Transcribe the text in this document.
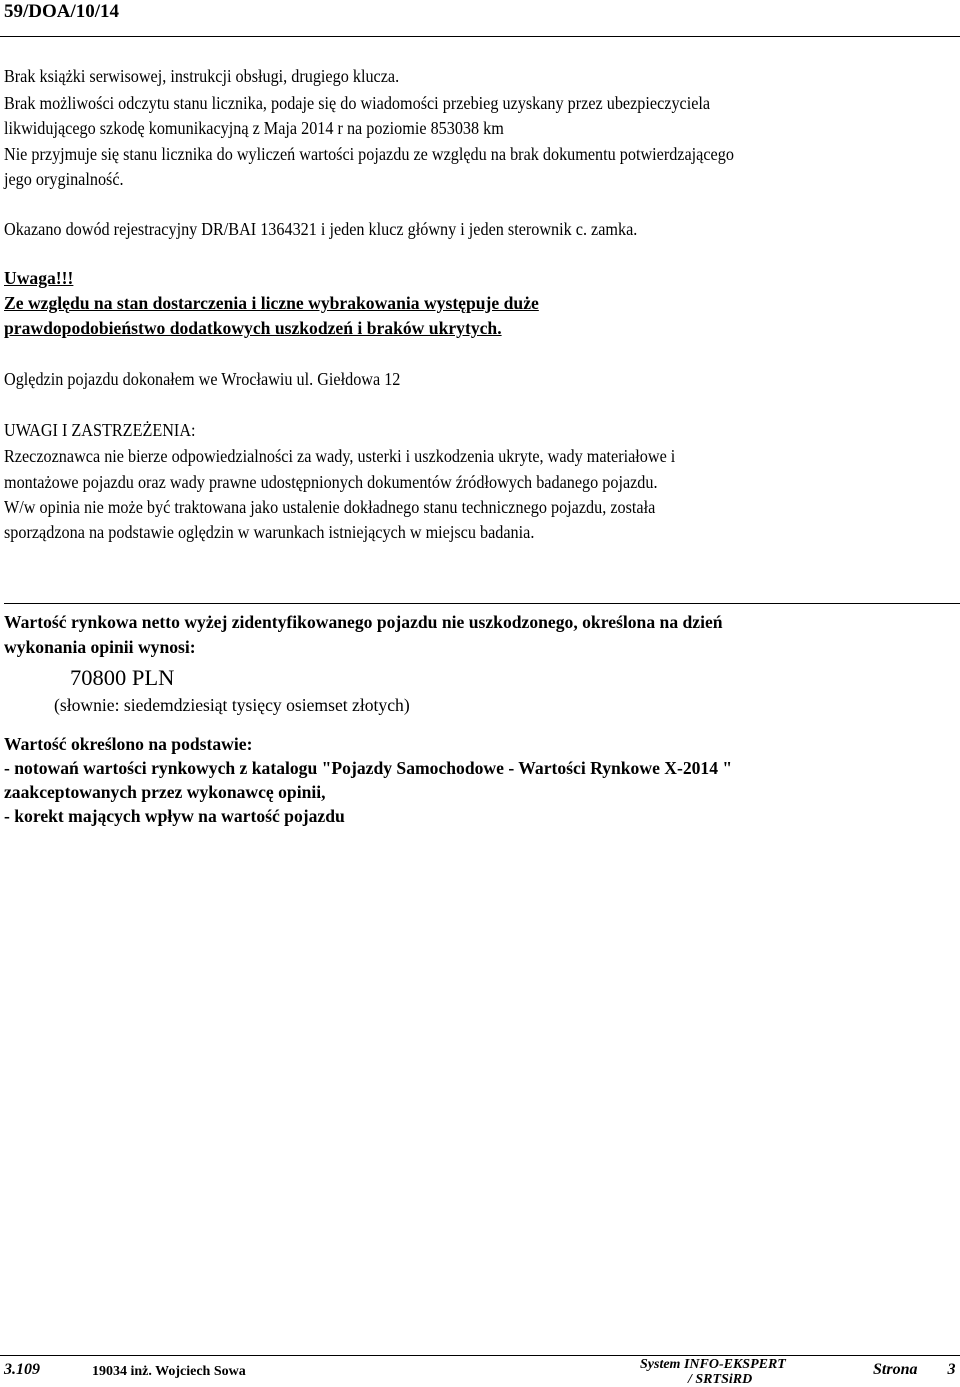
59/DOA/10/14
Brak książki serwisowej, instrukcji obsługi, drugiego klucza.
Brak możliwości odczytu stanu licznika, podaje się do wiadomości przebieg uzyskany przez ubezpieczyciela
likwidującego szkodę komunikacyjną z Maja 2014 r na poziomie 853038 km
Nie przyjmuje się stanu licznika do wyliczeń wartości pojazdu ze względu na brak dokumentu potwierdzającego
jego oryginalność.
Okazano dowód rejestracyjny DR/BAI 1364321 i jeden klucz główny i jeden sterownik c. zamka.
Uwaga!!!
Ze względu na stan dostarczenia i liczne wybrakowania występuje duże
prawdopodobieństwo dodatkowych uszkodzeń i braków ukrytych.
Oględzin pojazdu dokonałem we Wrocławiu ul. Giełdowa 12
UWAGI I ZASTRZEŻENIA:
Rzeczoznawca nie bierze odpowiedzialności za wady, usterki i uszkodzenia ukryte, wady materiałowe i
montażowe pojazdu oraz wady prawne udostępnionych dokumentów źródłowych badanego pojazdu.
W/w opinia nie może być traktowana jako ustalenie dokładnego stanu technicznego pojazdu, została
sporządzona na podstawie oględzin w warunkach istniejących w miejscu badania.
Wartość rynkowa netto wyżej zidentyfikowanego pojazdu nie uszkodzonego, określona na dzień
wykonania opinii wynosi:
70800 PLN
(słownie: siedemdziesiąt tysięcy osiemset złotych)
Wartość określono na podstawie:
- notowań wartości rynkowych z katalogu "Pojazdy Samochodowe - Wartości Rynkowe X-2014 "
zaakceptowanych przez wykonawcę opinii,
- korekt mających wpływ na wartość pojazdu
3.109	19034 inż. Wojciech Sowa	System INFO-EKSPERT
/ SRTSiRD
Strona 3
